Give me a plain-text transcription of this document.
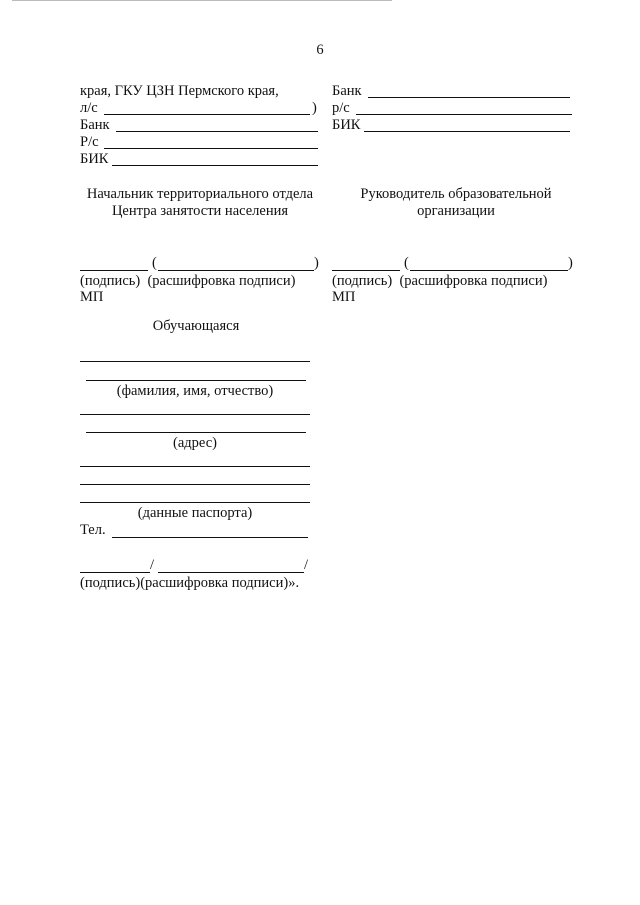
6
края, ГКУ ЦЗН Пермского края,
л/с	)
Банк
Р/с
БИК
Банк
р/с
БИК
Начальник территориального отдела
Центра занятости населения
(	)
(подпись)  (расшифровка подписи)
МП
Руководитель образовательной
организации
(	)
(подпись)  (расшифровка подписи)
МП
Обучающаяся
(фамилия, имя, отчество)
(адрес)
(данные паспорта)
Тел.
/	/
(подпись)(расшифровка подписи)».
